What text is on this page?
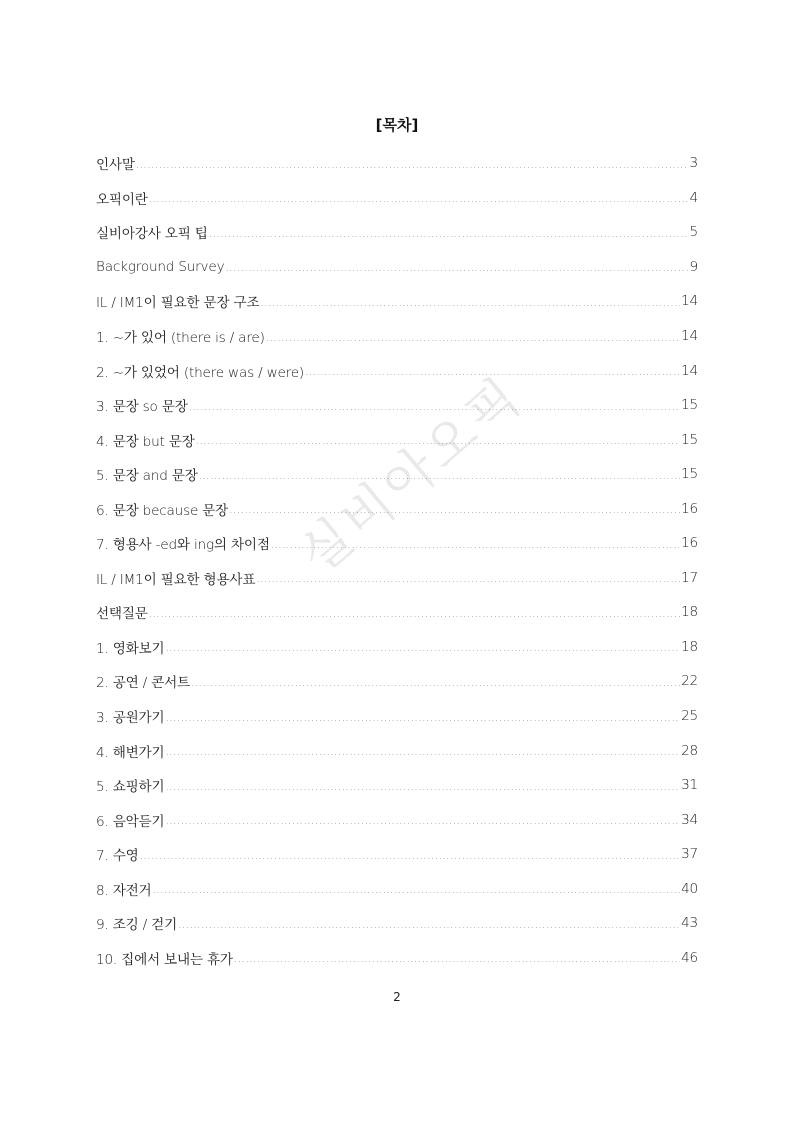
실비아오픽
[목차]
인사말 ………………………………………………………………………………………………………………………………………………………………………………………………………………………	3
오픽이란 ………………………………………………………………………………………………………………………………………………………………………………………………………………………	4
실비아강사 오픽 팁 ………………………………………………………………………………………………………………………………………………………………………………………………………………………	5
Background Survey ………………………………………………………………………………………………………………………………………………………………………………………………………………………	9
IL / IM1이 필요한 문장 구조 ………………………………………………………………………………………………………………………………………………………………………………………………………………………	14
1. ~가 있어 (there is / are) ………………………………………………………………………………………………………………………………………………………………………………………………………………………	14
2. ~가 있었어 (there was / were) ………………………………………………………………………………………………………………………………………………………………………………………………………………………	14
3. 문장 so 문장 ………………………………………………………………………………………………………………………………………………………………………………………………………………………	15
4. 문장 but 문장 ………………………………………………………………………………………………………………………………………………………………………………………………………………………	15
5. 문장 and 문장 ………………………………………………………………………………………………………………………………………………………………………………………………………………………	15
6. 문장 because 문장 ………………………………………………………………………………………………………………………………………………………………………………………………………………………	16
7. 형용사 -ed와 ing의 차이점 ………………………………………………………………………………………………………………………………………………………………………………………………………………………	16
IL / IM1이 필요한 형용사표 ………………………………………………………………………………………………………………………………………………………………………………………………………………………	17
선택질문 ………………………………………………………………………………………………………………………………………………………………………………………………………………………	18
1. 영화보기 ………………………………………………………………………………………………………………………………………………………………………………………………………………………	18
2. 공연 / 콘서트 ………………………………………………………………………………………………………………………………………………………………………………………………………………………	22
3. 공원가기 ………………………………………………………………………………………………………………………………………………………………………………………………………………………	25
4. 해변가기 ………………………………………………………………………………………………………………………………………………………………………………………………………………………	28
5. 쇼핑하기 ………………………………………………………………………………………………………………………………………………………………………………………………………………………	31
6. 음악듣기 ………………………………………………………………………………………………………………………………………………………………………………………………………………………	34
7. 수영 ………………………………………………………………………………………………………………………………………………………………………………………………………………………	37
8. 자전거 ………………………………………………………………………………………………………………………………………………………………………………………………………………………	40
9. 조깅 / 걷기 ………………………………………………………………………………………………………………………………………………………………………………………………………………………	43
10. 집에서 보내는 휴가 ………………………………………………………………………………………………………………………………………………………………………………………………………………………	46
2
